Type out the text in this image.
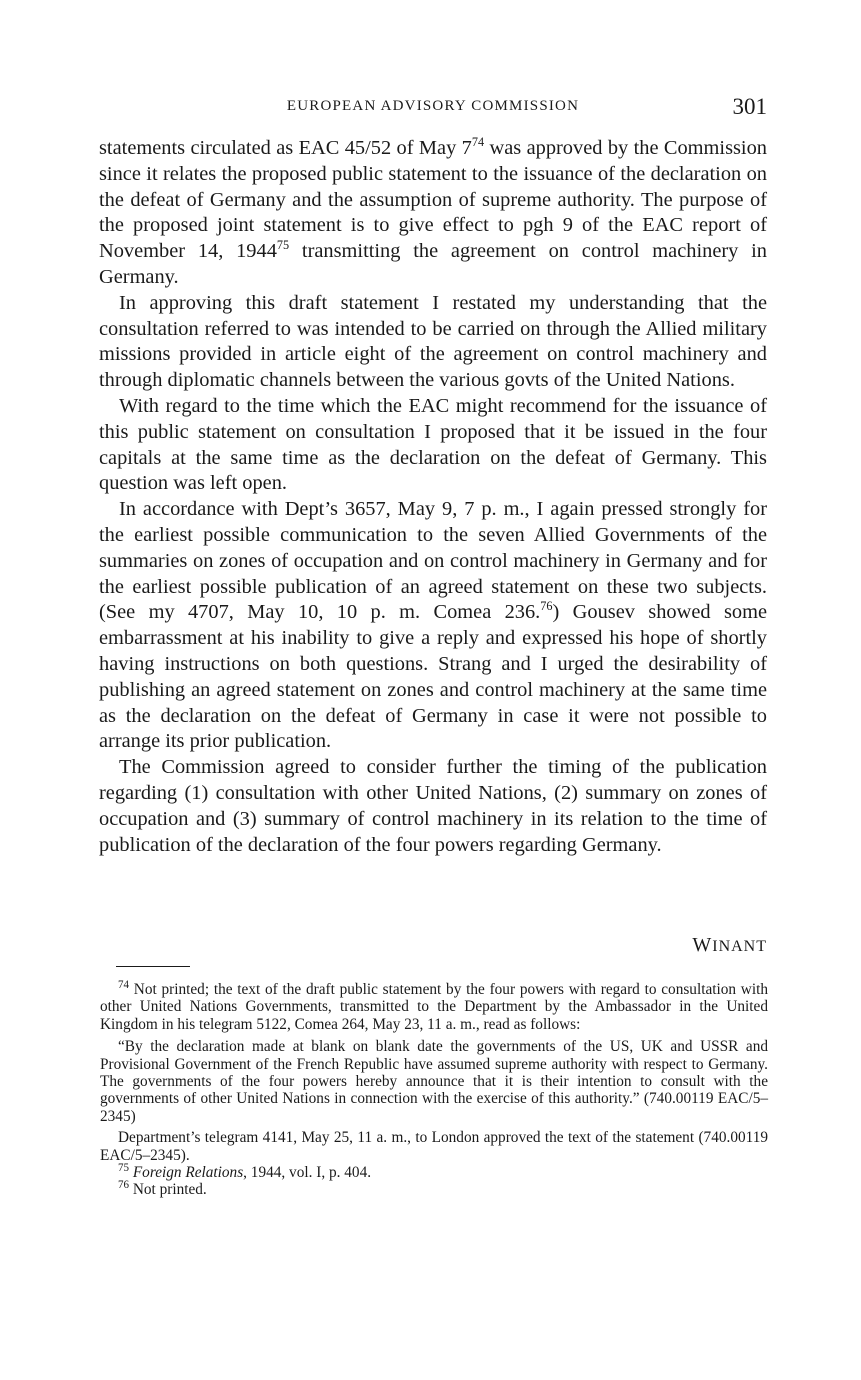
EUROPEAN ADVISORY COMMISSION	301

statements circulated as EAC 45/52 of May $7^{74}$ was approved by the Commission since it relates the proposed public statement to the issuance of the declaration on the defeat of Germany and the assumption of supreme authority. The purpose of the proposed joint statement is to give effect to pgh 9 of the EAC report of November 14, 1944$^{75}$ transmitting the agreement on control machinery in Germany.

In approving this draft statement I restated my understanding that the consultation referred to was intended to be carried on through the Allied military missions provided in article eight of the agreement on control machinery and through diplomatic channels between the various govts of the United Nations.

With regard to the time which the EAC might recommend for the issuance of this public statement on consultation I proposed that it be issued in the four capitals at the same time as the declaration on the defeat of Germany. This question was left open.

In accordance with Dept’s 3657, May 9, 7 p. m., I again pressed strongly for the earliest possible communication to the seven Allied Governments of the summaries on zones of occupation and on control machinery in Germany and for the earliest possible publication of an agreed statement on these two subjects. (See my 4707, May 10, 10 p. m. Comea 236.76) Gousev showed some embarrassment at his inability to give a reply and expressed his hope of shortly having instructions on both questions. Strang and I urged the desirability of publishing an agreed statement on zones and control machinery at the same time as the declaration on the defeat of Germany in case it were not possible to arrange its prior publication.

The Commission agreed to consider further the timing of the publication regarding (1) consultation with other United Nations, (2) summary on zones of occupation and (3) summary of control machinery in its relation to the time of publication of the declaration of the four powers regarding Germany.

WINANT

$^{74}$ Not printed; the text of the draft public statement by the four powers with regard to consultation with other United Nations Governments, transmitted to the Department by the Ambassador in the United Kingdom in his telegram 5122, Comea 264, May 23, 11 a. m., read as follows:

“By the declaration made at blank on blank date the governments of the US, UK and USSR and Provisional Government of the French Republic have assumed supreme authority with respect to Germany. The governments of the four powers hereby announce that it is their intention to consult with the governments of other United Nations in connection with the exercise of this authority.” (740.00119 EAC/5–2345)

Department’s telegram 4141, May 25, 11 a. m., to London approved the text of the statement (740.00119 EAC/5–2345).

$^{75}$ Foreign Relations, 1944, vol. I, p. 404.

$^{76}$ Not printed.
